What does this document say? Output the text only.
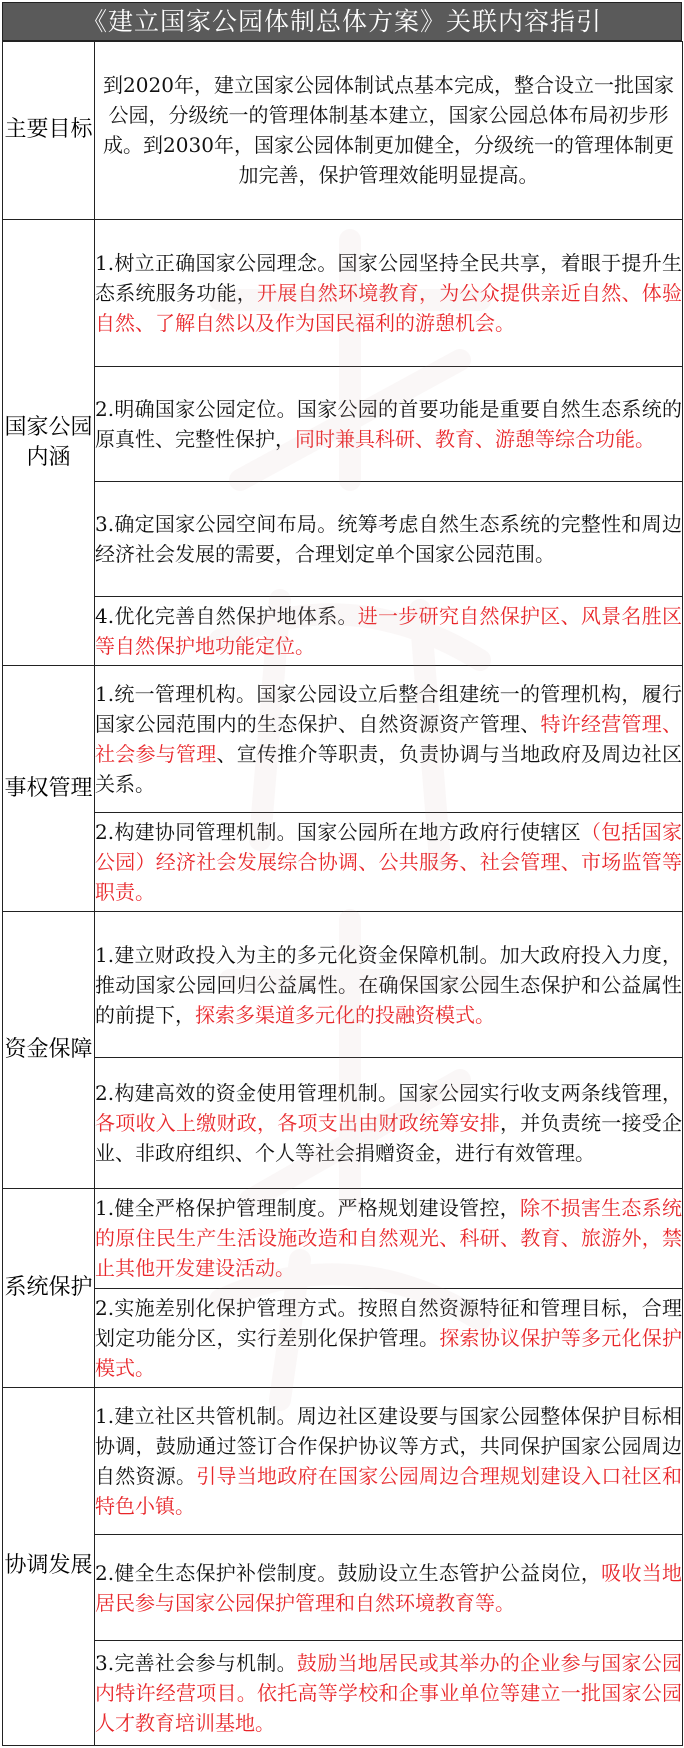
《建立国家公园体制总体方案》关联内容指引
主要目标	到2020年，建立国家公园体制试点基本完成，整合设立一批国家公园，分级统一的管理体制基本建立，国家公园总体布局初步形成。到2030年，国家公园体制更加健全，分级统一的管理体制更加完善，保护管理效能明显提高。
国家公园内涵	1.树立正确国家公园理念。国家公园坚持全民共享，着眼于提升生态系统服务功能，开展自然环境教育，为公众提供亲近自然、体验自然、了解自然以及作为国民福利的游憩机会。
	2.明确国家公园定位。国家公园的首要功能是重要自然生态系统的原真性、完整性保护，同时兼具科研、教育、游憩等综合功能。
	3.确定国家公园空间布局。统筹考虑自然生态系统的完整性和周边经济社会发展的需要，合理划定单个国家公园范围。
	4.优化完善自然保护地体系。进一步研究自然保护区、风景名胜区等自然保护地功能定位。
事权管理	1.统一管理机构。国家公园设立后整合组建统一的管理机构，履行国家公园范围内的生态保护、自然资源资产管理、特许经营管理、社会参与管理、宣传推介等职责，负责协调与当地政府及周边社区关系。
	2.构建协同管理机制。国家公园所在地方政府行使辖区（包括国家公园）经济社会发展综合协调、公共服务、社会管理、市场监管等职责。
资金保障	1.建立财政投入为主的多元化资金保障机制。加大政府投入力度，推动国家公园回归公益属性。在确保国家公园生态保护和公益属性的前提下，探索多渠道多元化的投融资模式。
	2.构建高效的资金使用管理机制。国家公园实行收支两条线管理，各项收入上缴财政，各项支出由财政统筹安排，并负责统一接受企业、非政府组织、个人等社会捐赠资金，进行有效管理。
系统保护	1.健全严格保护管理制度。严格规划建设管控，除不损害生态系统的原住民生产生活设施改造和自然观光、科研、教育、旅游外，禁止其他开发建设活动。
	2.实施差别化保护管理方式。按照自然资源特征和管理目标，合理划定功能分区，实行差别化保护管理。探索协议保护等多元化保护模式。
协调发展	1.建立社区共管机制。周边社区建设要与国家公园整体保护目标相协调，鼓励通过签订合作保护协议等方式，共同保护国家公园周边自然资源。引导当地政府在国家公园周边合理规划建设入口社区和特色小镇。
	2.健全生态保护补偿制度。鼓励设立生态管护公益岗位，吸收当地居民参与国家公园保护管理和自然环境教育等。
	3.完善社会参与机制。鼓励当地居民或其举办的企业参与国家公园内特许经营项目。依托高等学校和企事业单位等建立一批国家公园人才教育培训基地。
